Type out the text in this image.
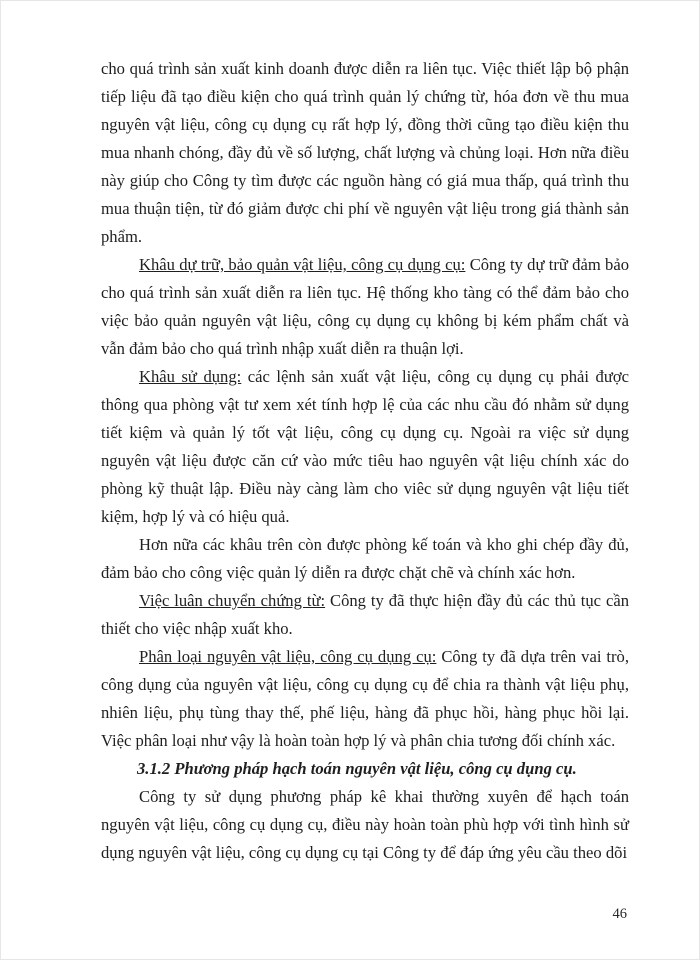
cho quá trình sản xuất kinh doanh được diễn ra liên tục. Việc thiết lập bộ phận tiếp liệu đã tạo điều kiện cho quá trình quản lý chứng từ, hóa đơn về thu mua nguyên vật liệu, công cụ dụng cụ rất hợp lý, đồng thời cũng tạo điều kiện thu mua nhanh chóng, đầy đủ về số lượng, chất lượng và chủng loại. Hơn nữa điều này giúp cho Công ty tìm được các nguồn hàng có giá mua thấp, quá trình thu mua thuận tiện, từ đó giảm được chi phí về nguyên vật liệu trong giá thành sản phẩm.

Khâu dự trữ, bảo quản vật liệu, công cụ dụng cụ: Công ty dự trữ đảm bảo cho quá trình sản xuất diễn ra liên tục. Hệ thống kho tàng có thể đảm bảo cho việc bảo quản nguyên vật liệu, công cụ dụng cụ không bị kém phẩm chất và vẫn đảm bảo cho quá trình nhập xuất diễn ra thuận lợi.

Khâu sử dụng: các lệnh sản xuất vật liệu, công cụ dụng cụ phải được thông qua phòng vật tư xem xét tính hợp lệ của các nhu cầu đó nhằm sử dụng tiết kiệm và quản lý tốt vật liệu, công cụ dụng cụ. Ngoài ra việc sử dụng nguyên vật liệu được căn cứ vào mức tiêu hao nguyên vật liệu chính xác do phòng kỹ thuật lập. Điều này càng làm cho viêc sử dụng nguyên vật liệu tiết kiệm, hợp lý và có hiệu quả.

Hơn nữa các khâu trên còn được phòng kế toán và kho ghi chép đầy đủ, đảm bảo cho công việc quản lý diễn ra được chặt chẽ và chính xác hơn.

Việc luân chuyển chứng từ: Công ty đã thực hiện đầy đủ các thủ tục cần thiết cho việc nhập xuất kho.

Phân loại nguyên vật liệu, công cụ dụng cụ: Công ty đã dựa trên vai trò, công dụng của nguyên vật liệu, công cụ dụng cụ để chia ra thành vật liệu phụ, nhiên liệu, phụ tùng thay thế, phế liệu, hàng đã phục hồi, hàng phục hồi lại. Việc phân loại như vậy là hoàn toàn hợp lý và phân chia tương đối chính xác.

3.1.2 Phương pháp hạch toán nguyên vật liệu, công cụ dụng cụ.

Công ty sử dụng phương pháp kê khai thường xuyên để hạch toán nguyên vật liệu, công cụ dụng cụ, điều này hoàn toàn phù hợp với tình hình sử dụng nguyên vật liệu, công cụ dụng cụ tại Công ty để đáp ứng yêu cầu theo dõi

46
